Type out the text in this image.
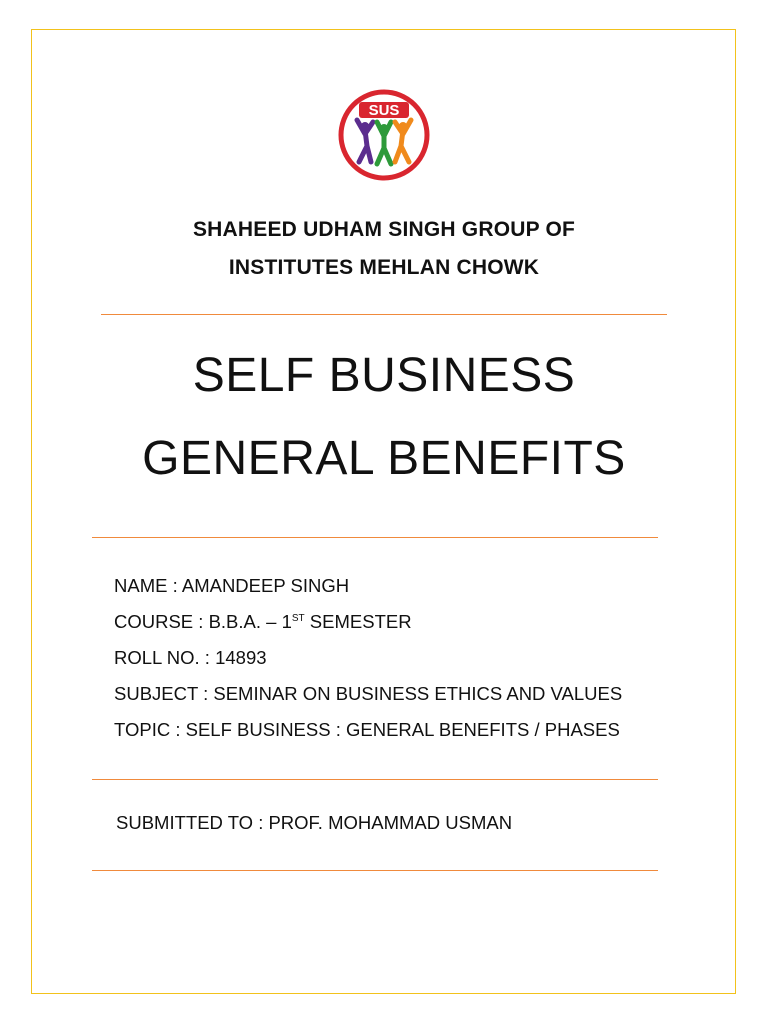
SUS
SHAHEED UDHAM SINGH GROUP OF
INSTITUTES MEHLAN CHOWK
SELF BUSINESS
GENERAL BENEFITS
NAME : AMANDEEP SINGH
COURSE : B.B.A. – 1ST SEMESTER
ROLL NO. : 14893
SUBJECT : SEMINAR ON BUSINESS ETHICS AND VALUES
TOPIC : SELF BUSINESS : GENERAL BENEFITS / PHASES
SUBMITTED TO : PROF. MOHAMMAD USMAN
